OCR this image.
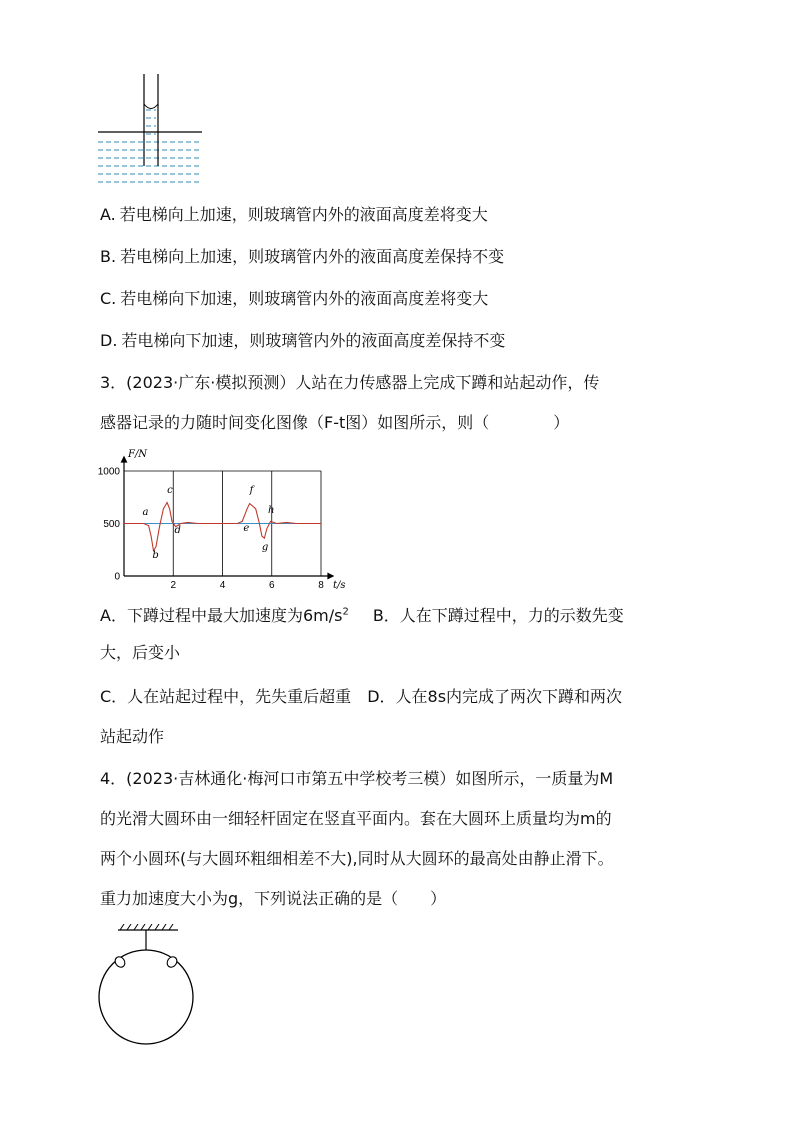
A. 若电梯向上加速，则玻璃管内外的液面高度差将变大
B. 若电梯向上加速，则玻璃管内外的液面高度差保持不变
C. 若电梯向下加速，则玻璃管内外的液面高度差将变大
D. 若电梯向下加速，则玻璃管内外的液面高度差保持不变
3．(2023·广东·模拟预测）人站在力传感器上完成下蹲和站起动作，传
感器记录的力随时间变化图像（F-t图）如图所示，则（　　　　）
0
500
1000
2	4	6	8
F/N
t/s
a
b
c
d	e
f
g
h
A．下蹲过程中最大加速度为$6m/s^2$ B．人在下蹲过程中，力的示数先变
大，后变小
C．人在站起过程中，先失重后超重 D．人在8s内完成了两次下蹲和两次
站起动作
4．(2023·吉林通化·梅河口市第五中学校考三模）如图所示，一质量为M
的光滑大圆环由一细轻杆固定在竖直平面内。套在大圆环上质量均为m的
两个小圆环(与大圆环粗细相差不大),同时从大圆环的最高处由静止滑下。
重力加速度大小为g，下列说法正确的是（　　）
